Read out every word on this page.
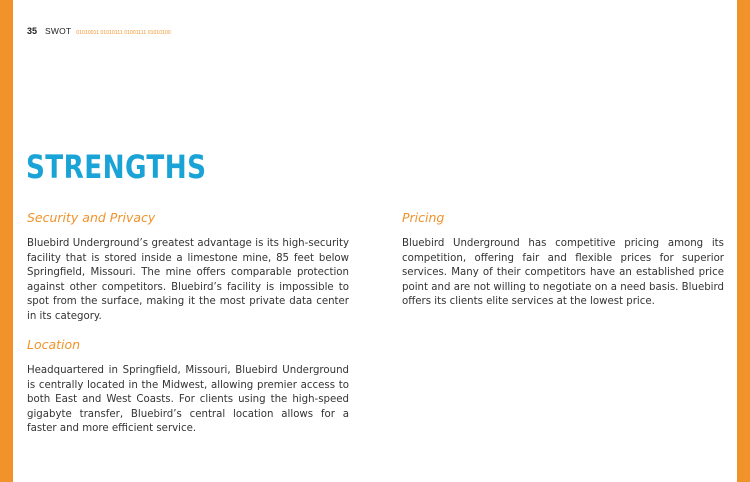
35 SWOT 01010011 01010111 01001111 01010100
STRENGTHS
Security and Privacy

Bluebird Underground’s greatest advantage is its high-security facility that is stored inside a limestone mine, 85 feet below Springfield, Missouri. The mine offers comparable protection against other competitors. Bluebird’s facility is impossible to spot from the surface, making it the most private data center in its category.

Location

Headquartered in Springfield, Missouri, Bluebird Underground is centrally located in the Midwest, allowing premier access to both East and West Coasts. For clients using the high-speed gigabyte transfer, Bluebird’s central location allows for a faster and more efficient service.

Pricing

Bluebird Underground has competitive pricing among its competition, offering fair and flexible prices for superior services. Many of their competitors have an established price point and are not willing to negotiate on a need basis. Bluebird offers its clients elite services at the lowest price.
